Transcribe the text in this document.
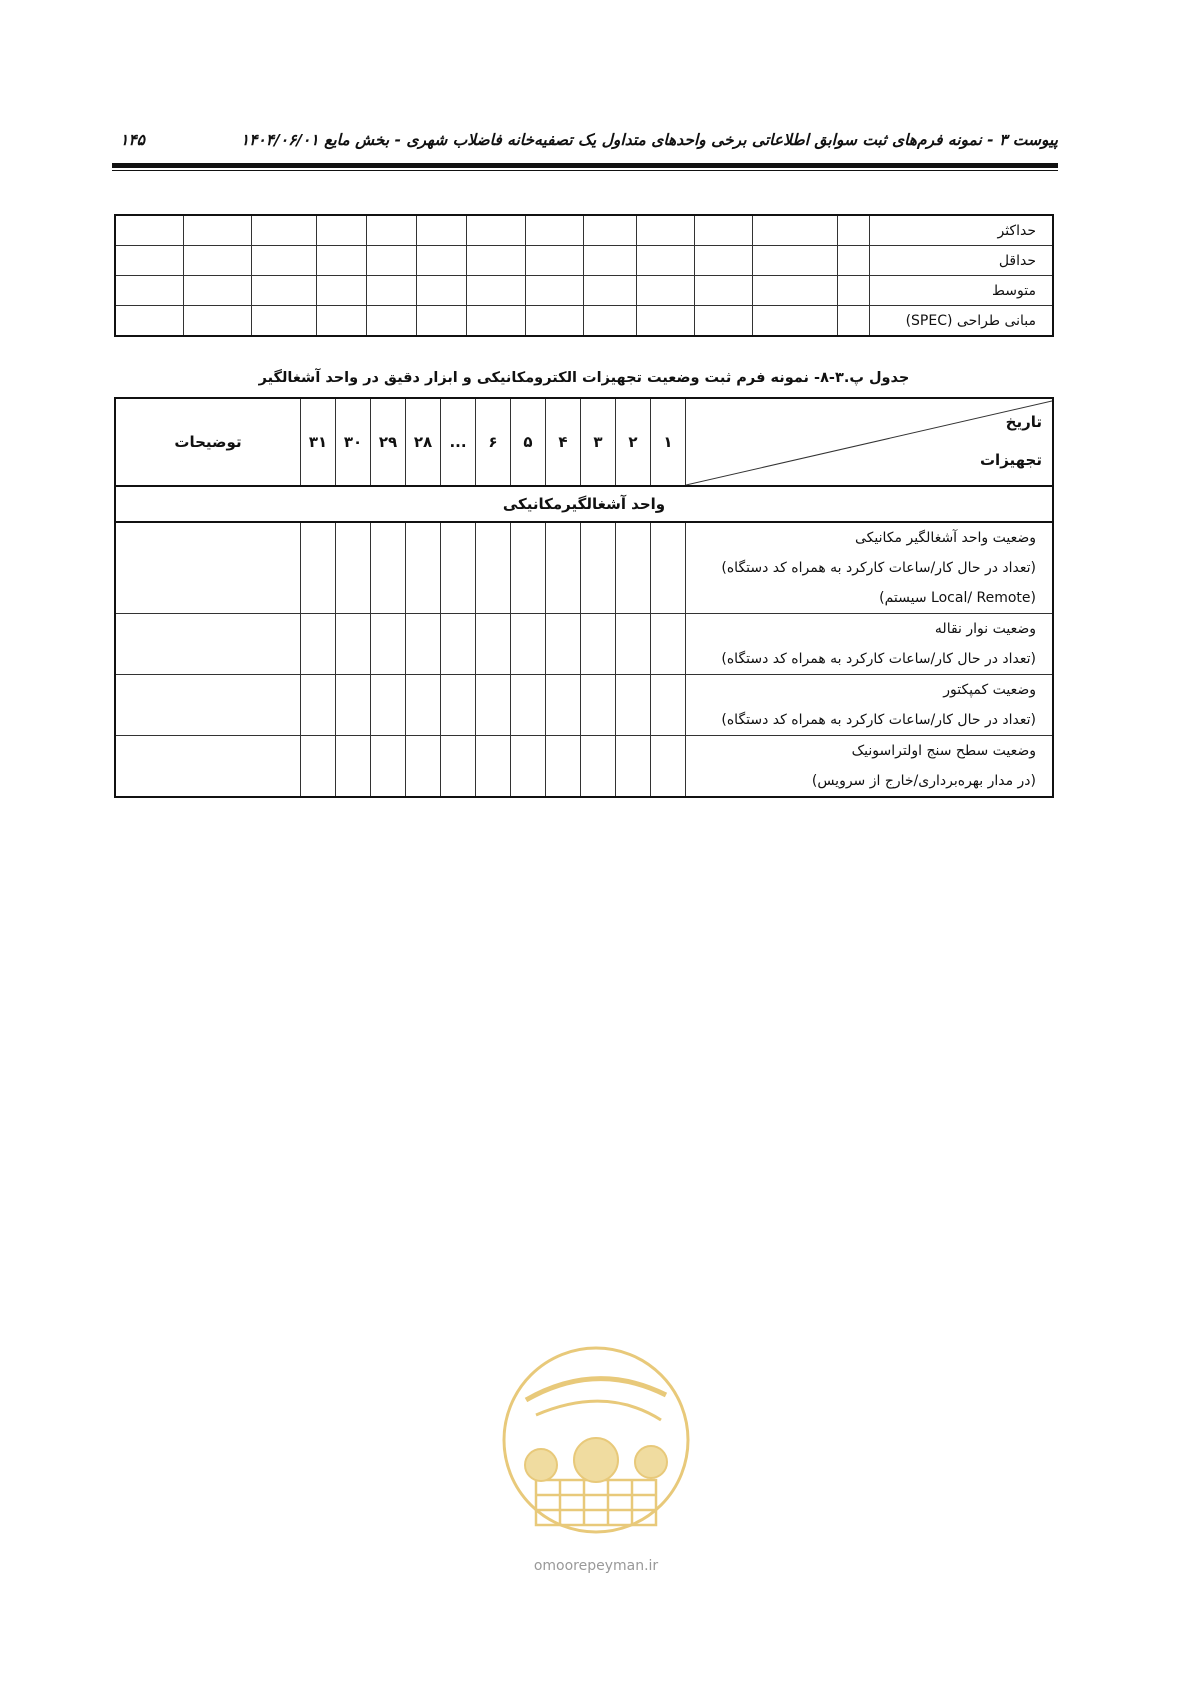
پیوست ۳ - نمونه فرم‌های ثبت سوابق اطلاعاتی برخی واحدهای متداول یک تصفیه‌خانه فاضلاب شهری - بخش مایع ۱۴۰۴/۰۶/۰۱
۱۴۵
حداکثر													
حداقل													
متوسط													
مبانی طراحی (SPEC)													
جدول پ.۳-۸- نمونه فرم ثبت وضعیت تجهیزات الکترومکانیکی و ابزار دقیق در واحد آشغالگیر
تاریخ
تجهیزات	۱	۲	۳	۴	۵	۶	...	۲۸	۲۹	۳۰	۳۱	توضیحات
واحد آشغالگیرمکانیکی												

وضعیت واحد آشغالگیر مکانیکی
(تعداد در حال کار/ساعات کارکرد به همراه کد دستگاه)
(Local/ Remote سیستم)												

وضعیت نوار نقاله
(تعداد در حال کار/ساعات کارکرد به همراه کد دستگاه)												

وضعیت کمپکتور
(تعداد در حال کار/ساعات کارکرد به همراه کد دستگاه)												

وضعیت سطح سنج اولتراسونیک
(در مدار بهره‌برداری/خارج از سرویس)												

omoorepeyman.ir
